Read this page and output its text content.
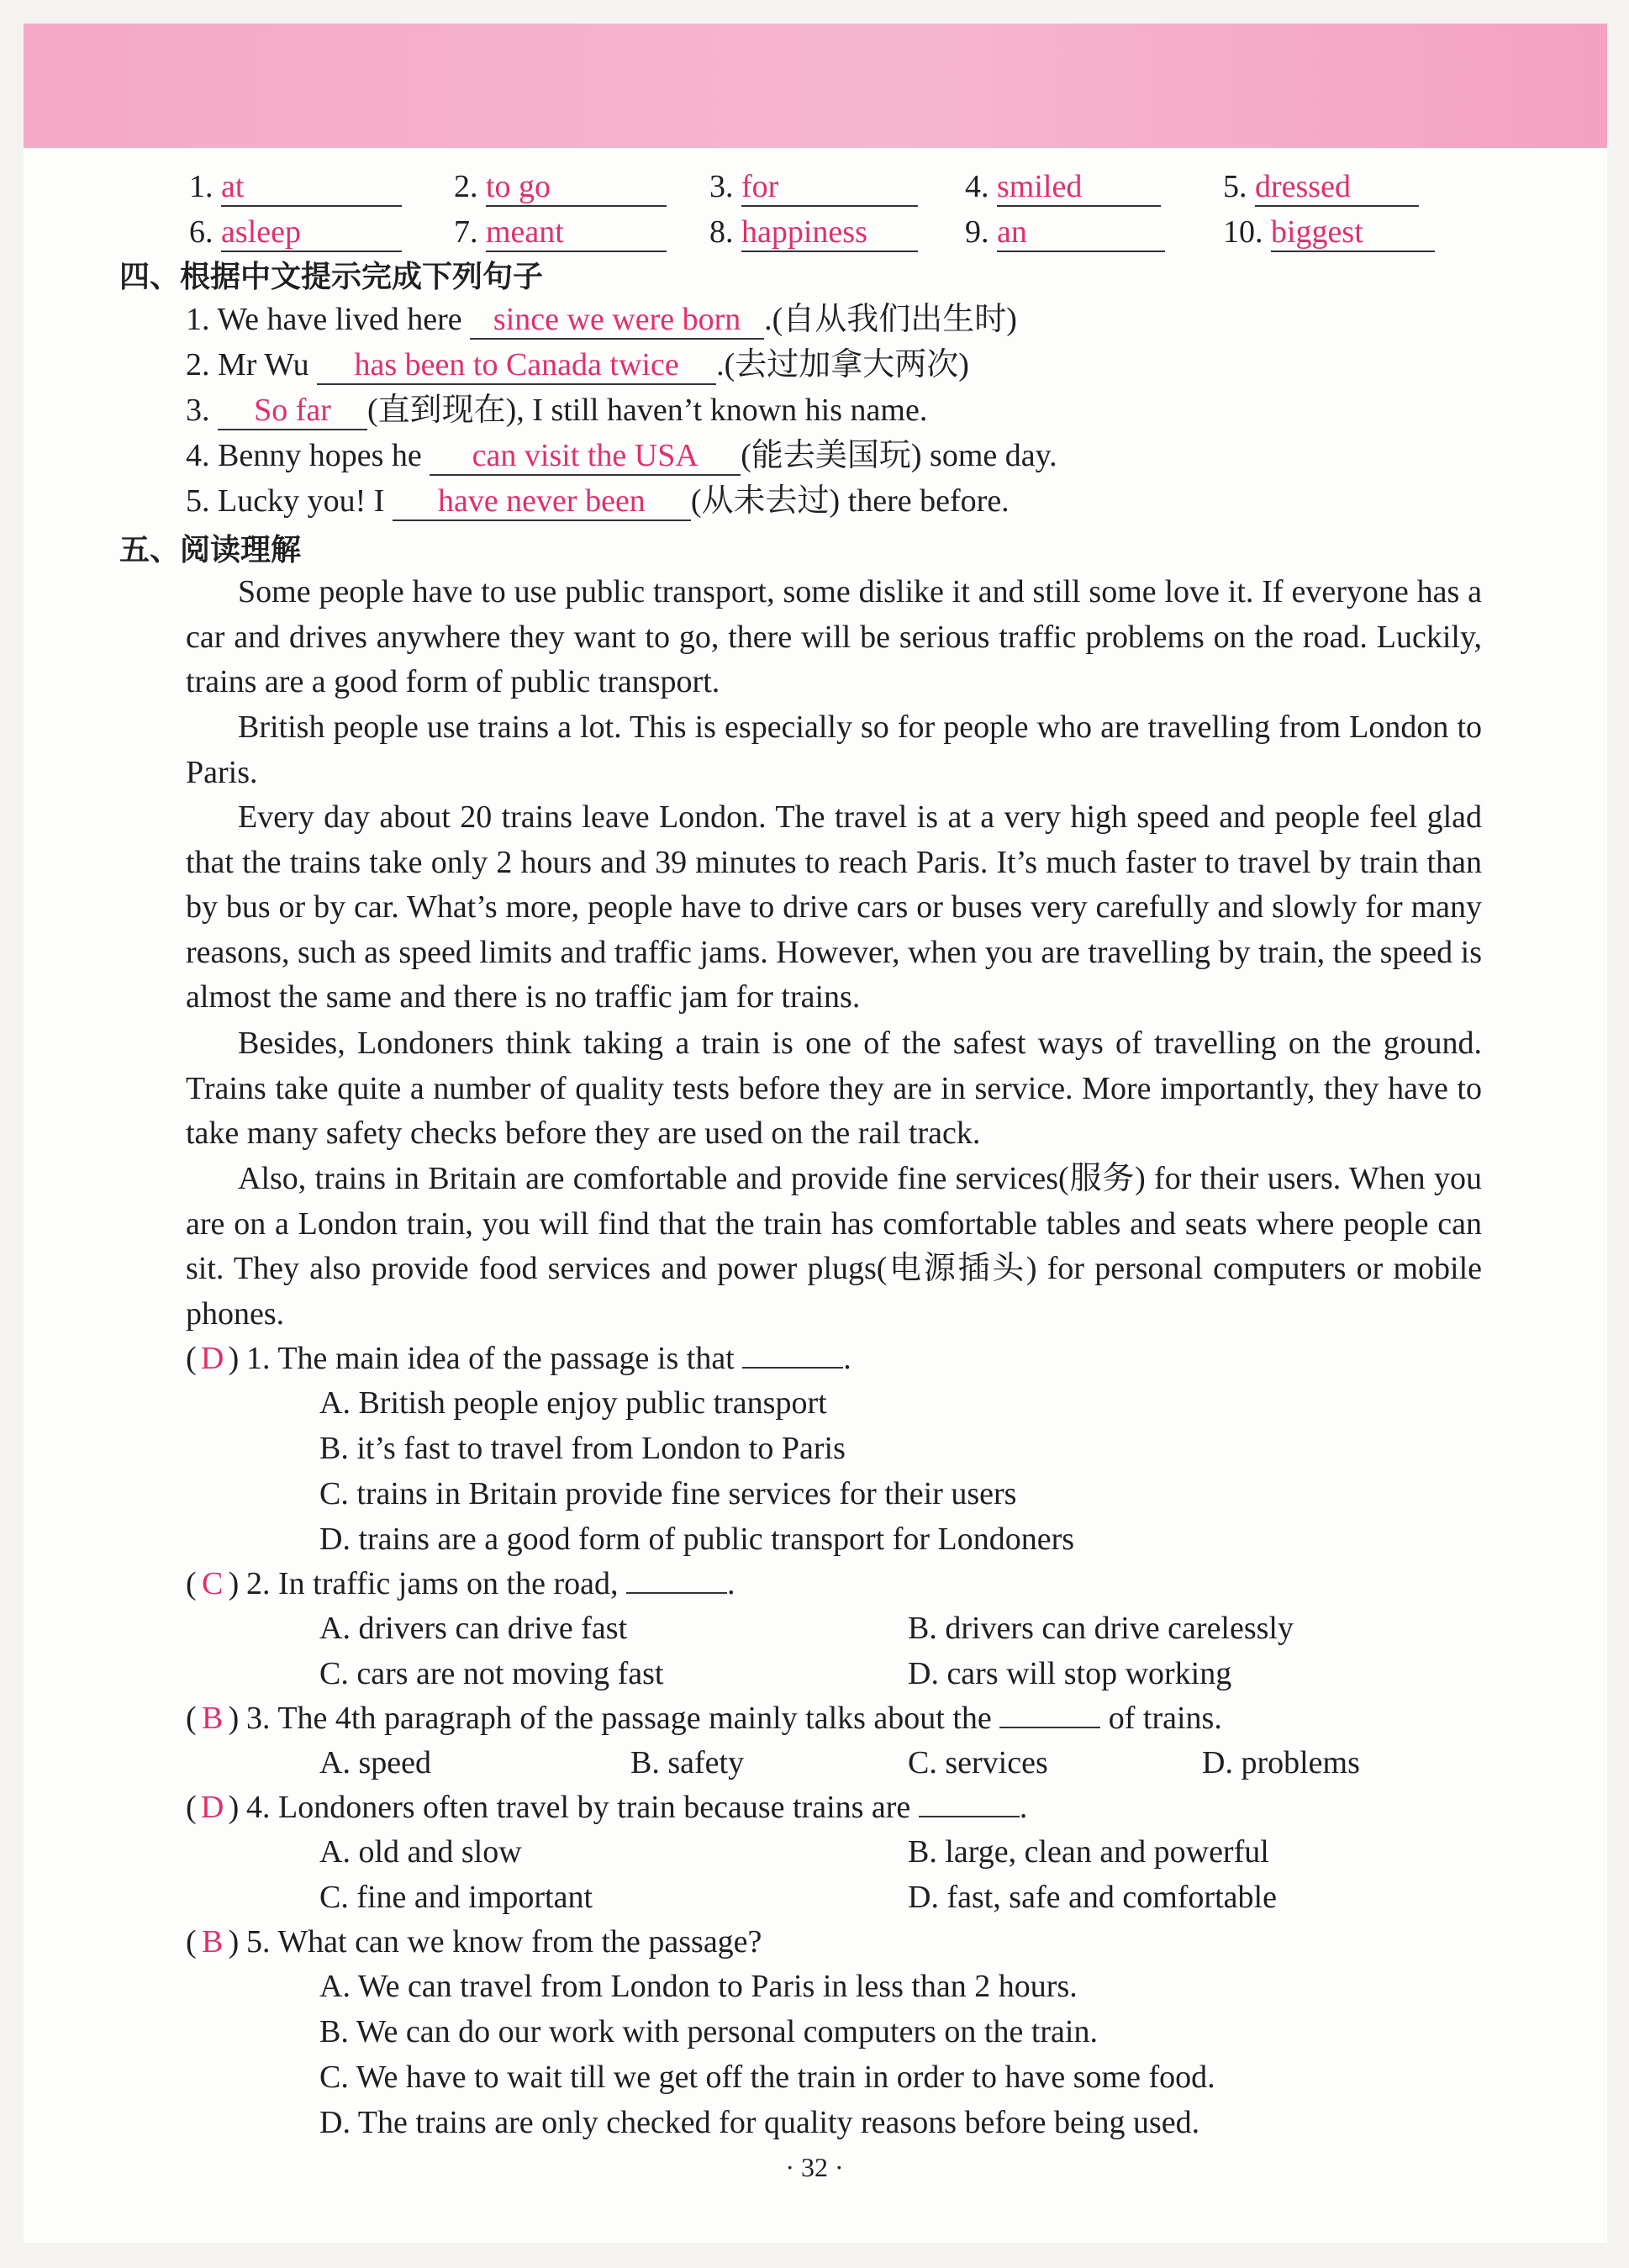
1. at	2. to go	3. for	4. smiled	5. dressed
6. asleep	7. meant	8. happiness	9. an	10. biggest
四、根据中文提示完成下列句子
1. We have lived here since we were born .(自从我们出生时)
2. Mr Wu has been to Canada twice .(去过加拿大两次)
3. So far (直到现在), I still haven’t known his name.
4. Benny hopes he can visit the USA (能去美国玩) some day.
5. Lucky you! I have never been (从未去过) there before.
五、阅读理解
Some people have to use public transport, some dislike it and still some love it. If everyone has a car and drives anywhere they want to go, there will be serious traffic problems on the road. Luckily, trains are a good form of public transport.
British people use trains a lot. This is especially so for people who are travelling from London to Paris.
Every day about 20 trains leave London. The travel is at a very high speed and people feel glad that the trains take only 2 hours and 39 minutes to reach Paris. It’s much faster to travel by train than by bus or by car. What’s more, people have to drive cars or buses very carefully and slowly for many reasons, such as speed limits and traffic jams. However, when you are travelling by train, the speed is almost the same and there is no traffic jam for trains.
Besides, Londoners think taking a train is one of the safest ways of travelling on the ground. Trains take quite a number of quality tests before they are in service. More importantly, they have to take many safety checks before they are used on the rail track.
Also, trains in Britain are comfortable and provide fine services(服务) for their users. When you are on a London train, you will find that the train has comfortable tables and seats where people can sit. They also provide food services and power plugs(电源插头) for personal computers or mobile phones.
( D ) 1. The main idea of the passage is that	.
A. British people enjoy public transport
B. it’s fast to travel from London to Paris
C. trains in Britain provide fine services for their users
D. trains are a good form of public transport for Londoners
( C ) 2. In traffic jams on the road,	.
A. drivers can drive fast	B. drivers can drive carelessly
C. cars are not moving fast	D. cars will stop working
( B ) 3. The 4th paragraph of the passage mainly talks about the	of trains.
A. speed	B. safety	C. services	D. problems
( D ) 4. Londoners often travel by train because trains are	.
A. old and slow	B. large, clean and powerful
C. fine and important	D. fast, safe and comfortable
( B ) 5. What can we know from the passage?
A. We can travel from London to Paris in less than 2 hours.
B. We can do our work with personal computers on the train.
C. We have to wait till we get off the train in order to have some food.
D. The trains are only checked for quality reasons before being used.
· 32 ·
